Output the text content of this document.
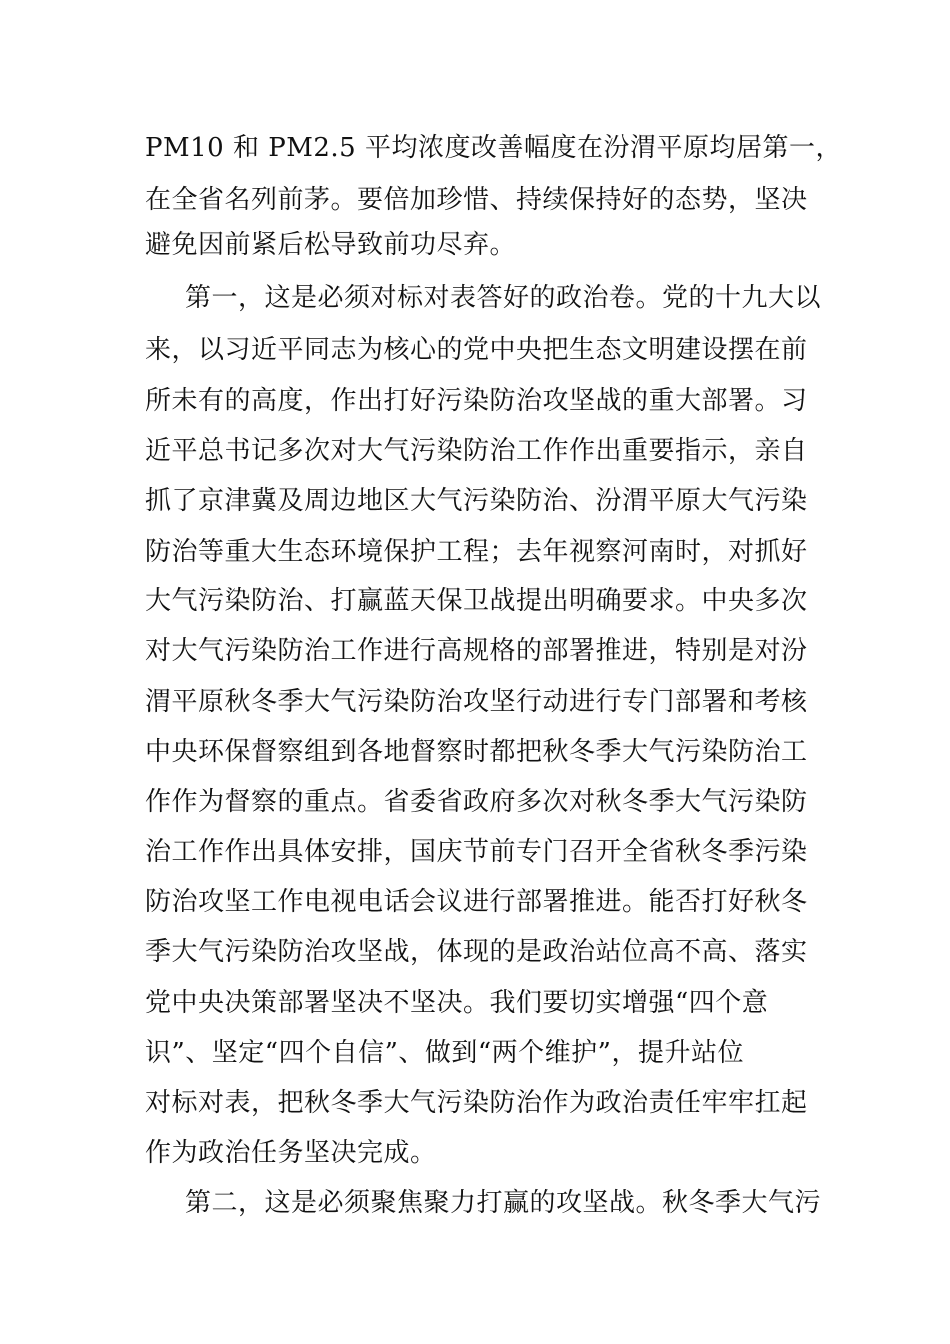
PM10 和 PM2.5 平均浓度改善幅度在汾渭平原均居第一，
在全省名列前茅。要倍加珍惜、持续保持好的态势，坚决
避免因前紧后松导致前功尽弃。
第一，这是必须对标对表答好的政治卷。党的十九大以
来，以习近平同志为核心的党中央把生态文明建设摆在前
所未有的高度，作出打好污染防治攻坚战的重大部署。习
近平总书记多次对大气污染防治工作作出重要指示，亲自
抓了京津冀及周边地区大气污染防治、汾渭平原大气污染
防治等重大生态环境保护工程；去年视察河南时，对抓好
大气污染防治、打赢蓝天保卫战提出明确要求。中央多次
对大气污染防治工作进行高规格的部署推进，特别是对汾
渭平原秋冬季大气污染防治攻坚行动进行专门部署和考核
中央环保督察组到各地督察时都把秋冬季大气污染防治工
作作为督察的重点。省委省政府多次对秋冬季大气污染防
治工作作出具体安排，国庆节前专门召开全省秋冬季污染
防治攻坚工作电视电话会议进行部署推进。能否打好秋冬
季大气污染防治攻坚战，体现的是政治站位高不高、落实
党中央决策部署坚决不坚决。我们要切实增强“四个意
识”、坚定“四个自信”、做到“两个维护”，提升站位
对标对表，把秋冬季大气污染防治作为政治责任牢牢扛起
作为政治任务坚决完成。
第二，这是必须聚焦聚力打赢的攻坚战。秋冬季大气污
